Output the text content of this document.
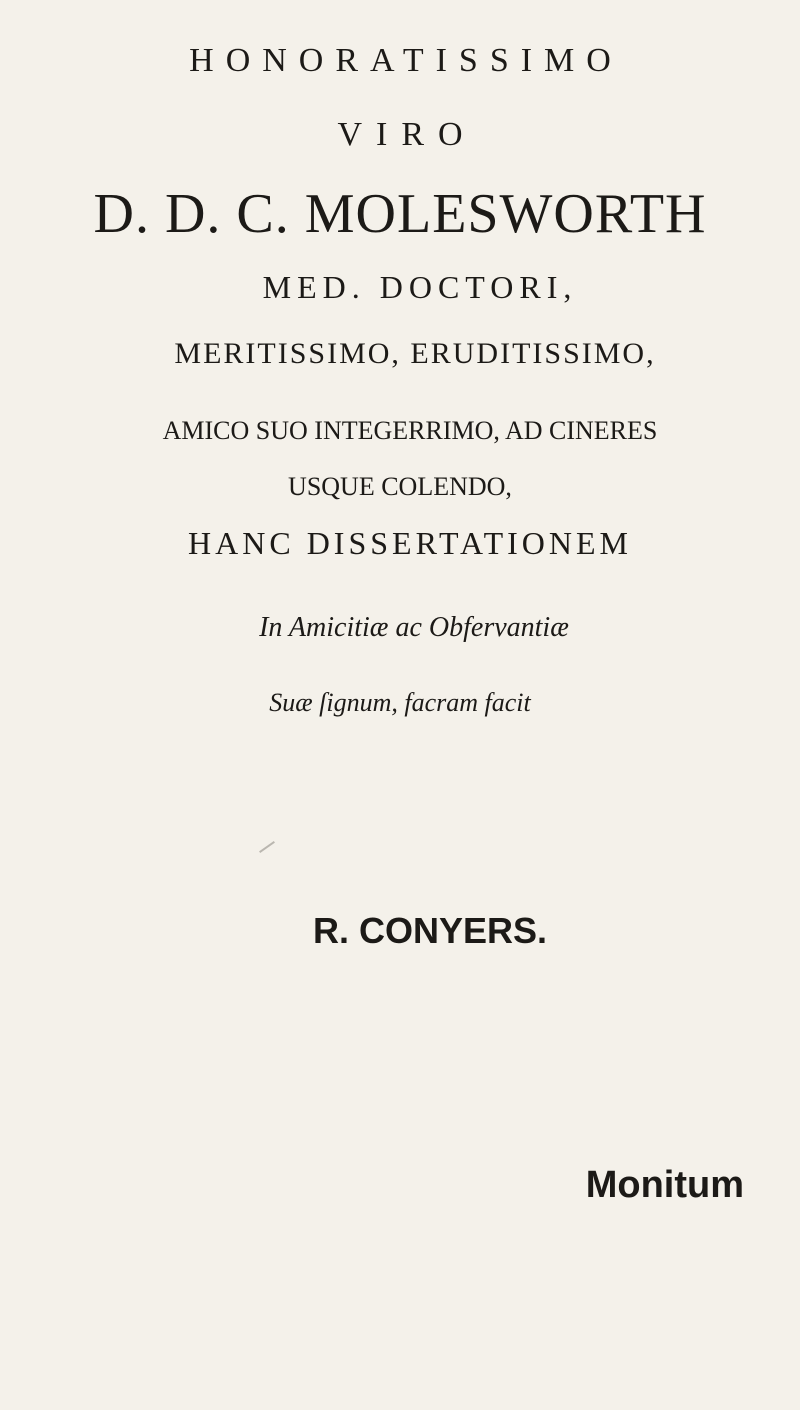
HONORATISSIMO
VIRO
D. D. C. MOLESWORTH
MED. DOCTORI,
MERITISSIMO, ERUDITISSIMO,
AMICO SUO INTEGERRIMO, AD CINERES
USQUE COLENDO,
HANC DISSERTATIONEM
In Amicitiæ ac Obfervantiæ
Suæ ſignum, facram facit
R. CONYERS.
Monitum
